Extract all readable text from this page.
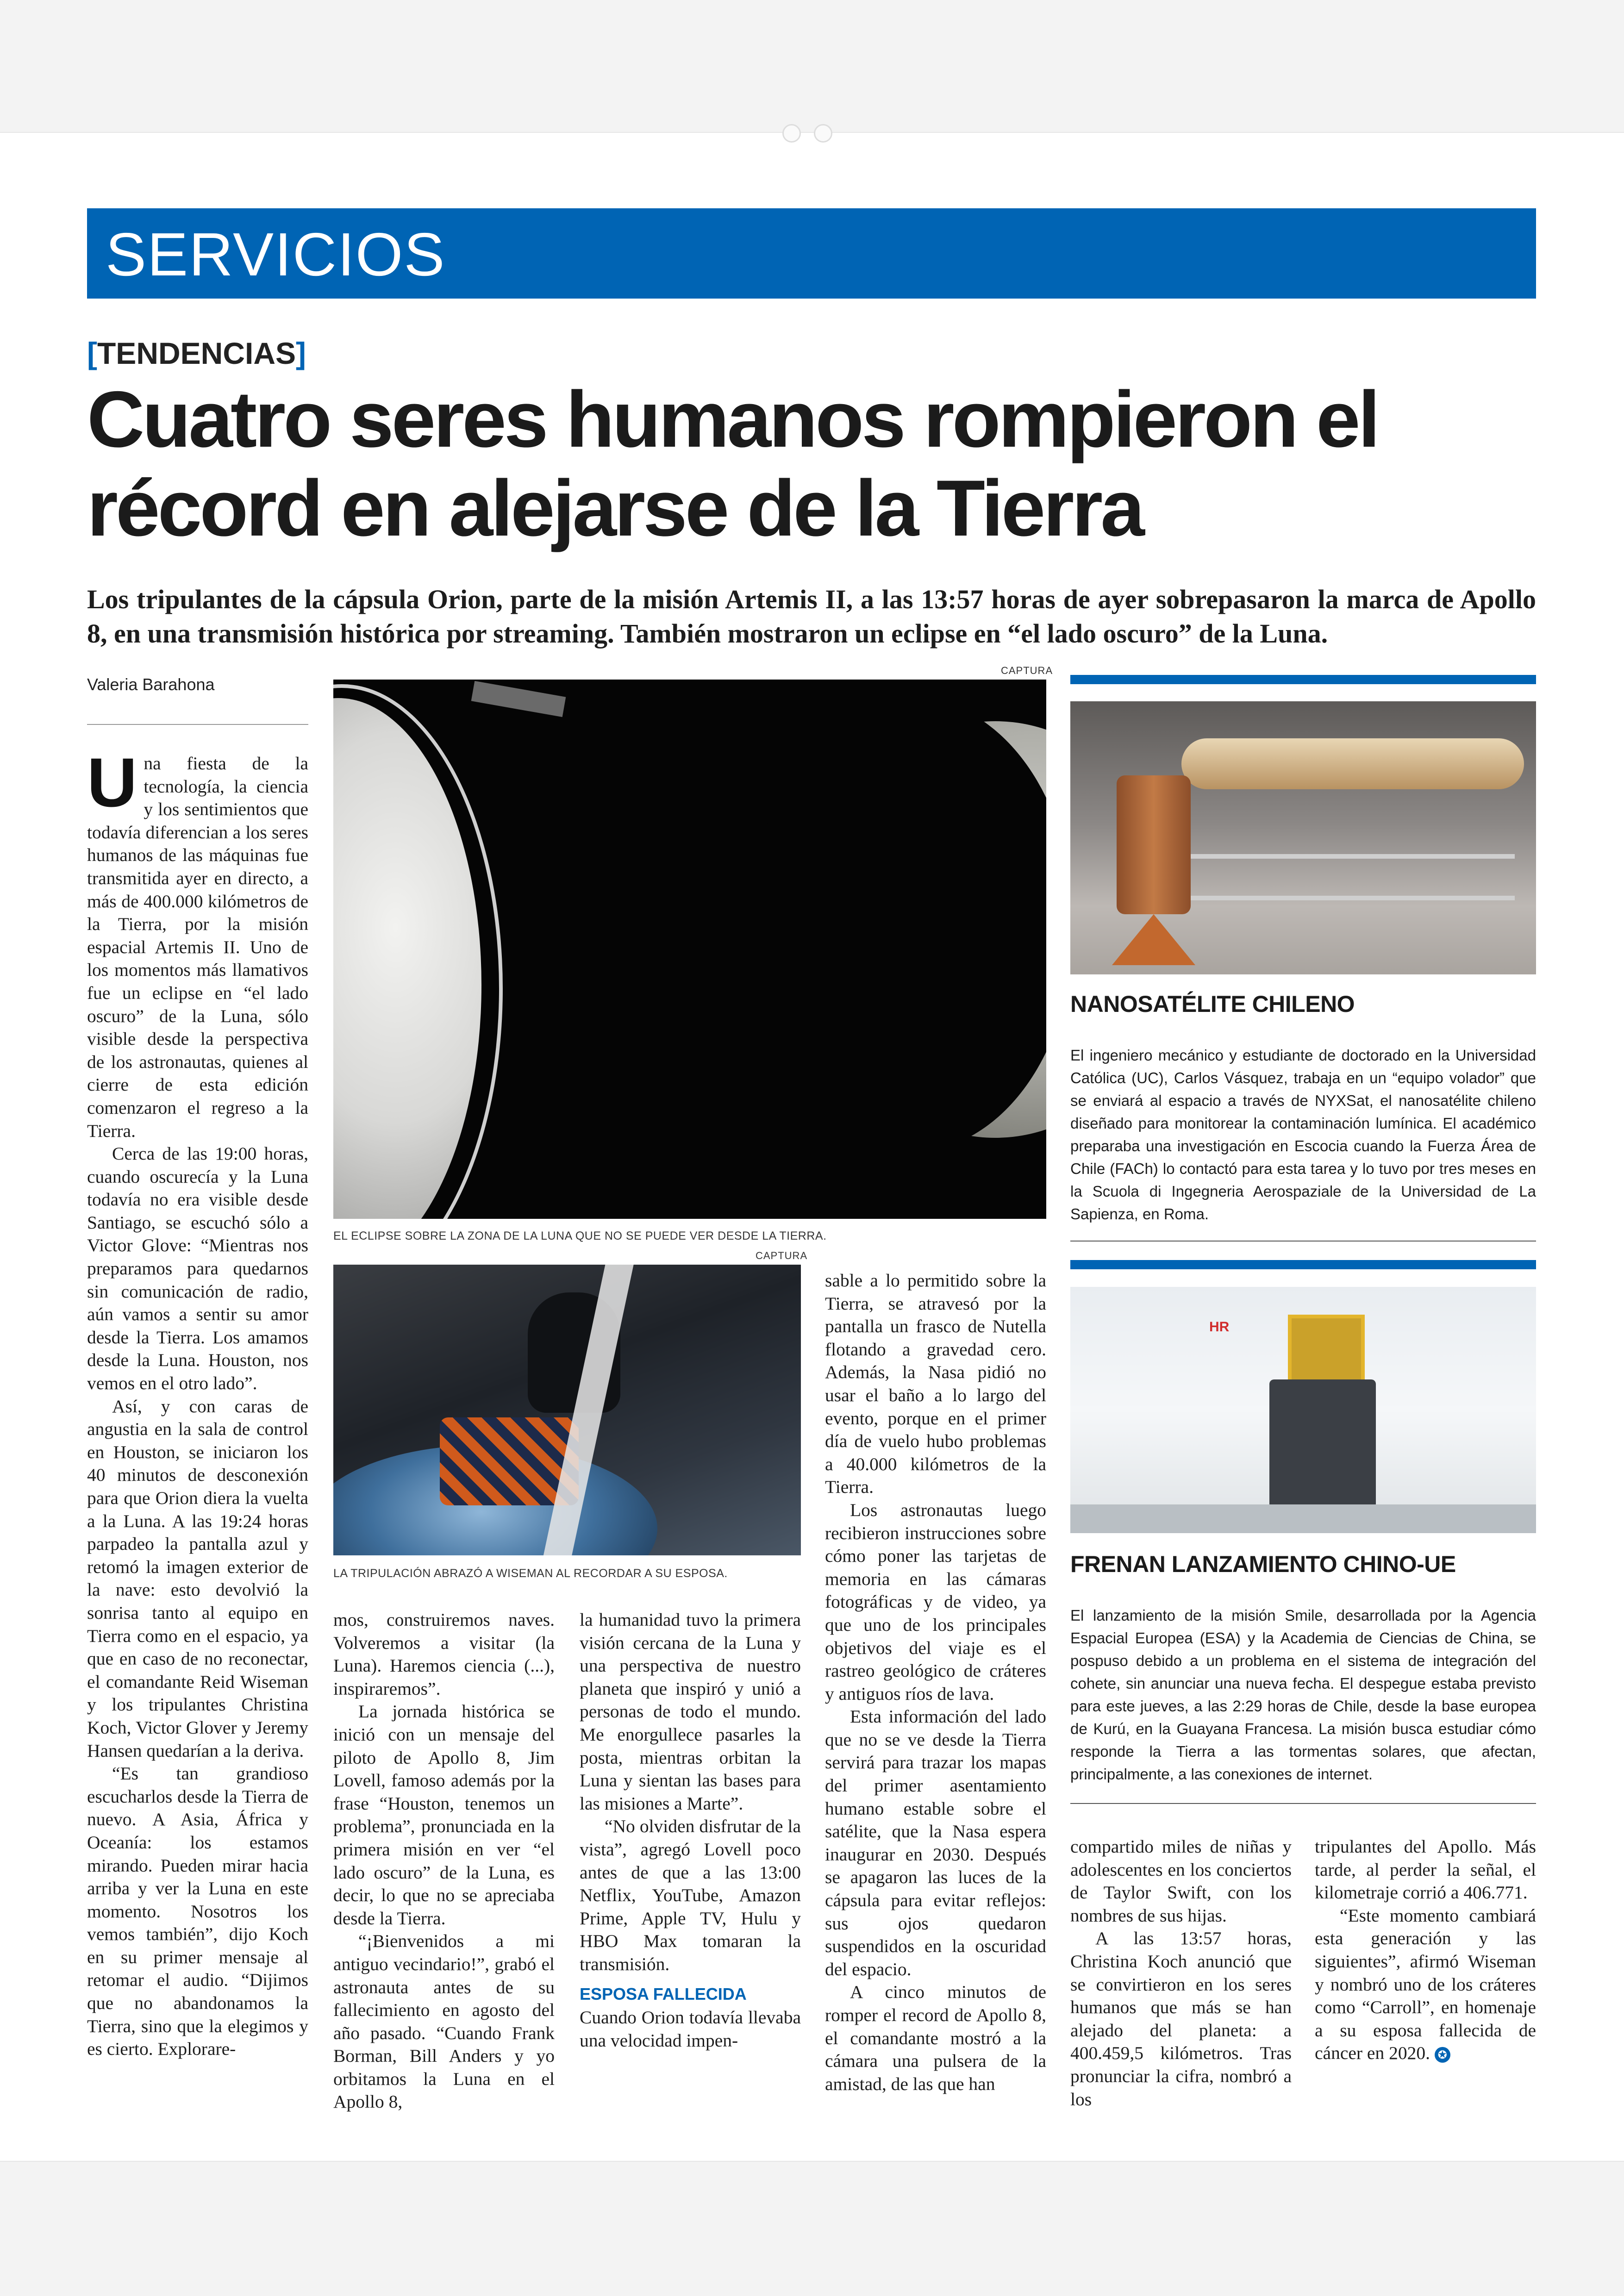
SERVICIOS
[TENDENCIAS]
Cuatro seres humanos rompieron el
récord en alejarse de la Tierra
Los tripulantes de la cápsula Orion, parte de la misión Artemis II, a las 13:57 horas de ayer sobrepasaron la marca de Apollo 8, en una transmisión histórica por streaming. También mostraron un eclipse en “el lado oscuro” de la Luna.
Valeria Barahona

Una fiesta de la tecnología, la ciencia y los sentimientos que todavía diferencian a los seres humanos de las máquinas fue transmitida ayer en directo, a más de 400.000 kilómetros de la Tierra, por la misión espacial Artemis II. Uno de los momentos más llamativos fue un eclipse en “el lado oscuro” de la Luna, sólo visible desde la perspectiva de los astronautas, quienes al cierre de esta edición comenzaron el regreso a la Tierra.

Cerca de las 19:00 horas, cuando oscurecía y la Luna todavía no era visible desde Santiago, se escuchó sólo a Victor Glove: “Mientras nos preparamos para quedarnos sin comunicación de radio, aún vamos a sentir su amor desde la Tierra. Los amamos desde la Luna. Houston, nos vemos en el otro lado”.

Así, y con caras de angustia en la sala de control en Houston, se iniciaron los 40 minutos de desconexión para que Orion diera la vuelta a la Luna. A las 19:24 horas parpadeo la pantalla azul y retomó la imagen exterior de la nave: esto devolvió la sonrisa tanto al equipo en Tierra como en el espacio, ya que en caso de no reconectar, el comandante Reid Wiseman y los tripulantes Christina Koch, Victor Glover y Jeremy Hansen quedarían a la deriva.

“Es tan grandioso escucharlos desde la Tierra de nuevo. A Asia, África y Oceanía: los estamos mirando. Pueden mirar hacia arriba y ver la Luna en este momento. Nosotros los vemos también”, dijo Koch en su primer mensaje al retomar el audio. “Dijimos que no abandonamos la Tierra, sino que la elegimos y es cierto. Explorare-

CAPTURA
EL ECLIPSE SOBRE LA ZONA DE LA LUNA QUE NO SE PUEDE VER DESDE LA TIERRA.
CAPTURA
LA TRIPULACIÓN ABRAZÓ A WISEMAN AL RECORDAR A SU ESPOSA.

mos, construiremos naves. Volveremos a visitar (la Luna). Haremos ciencia (...), inspiraremos”.

La jornada histórica se inició con un mensaje del piloto de Apollo 8, Jim Lovell, famoso además por la frase “Houston, tenemos un problema”, pronunciada en la primera misión en ver “el lado oscuro” de la Luna, es decir, lo que no se apreciaba desde la Tierra.

“¡Bienvenidos a mi antiguo vecindario!”, grabó el astronauta antes de su fallecimiento en agosto del año pasado. “Cuando Frank Borman, Bill Anders y yo orbitamos la Luna en el Apollo 8,

la humanidad tuvo la primera visión cercana de la Luna y una perspectiva de nuestro planeta que inspiró y unió a personas de todo el mundo. Me enorgullece pasarles la posta, mientras orbitan la Luna y sientan las bases para las misiones a Marte”.

“No olviden disfrutar de la vista”, agregó Lovell poco antes de que a las 13:00 Netflix, YouTube, Amazon Prime, Apple TV, Hulu y HBO Max tomaran la transmisión.

ESPOSA FALLECIDA

Cuando Orion todavía llevaba una velocidad impen-

sable a lo permitido sobre la Tierra, se atravesó por la pantalla un frasco de Nutella flotando a gravedad cero. Además, la Nasa pidió no usar el baño a lo largo del evento, porque en el primer día de vuelo hubo problemas a 40.000 kilómetros de la Tierra.

Los astronautas luego recibieron instrucciones sobre cómo poner las tarjetas de memoria en las cámaras fotográficas y de video, ya que uno de los principales objetivos del viaje es el rastreo geológico de cráteres y antiguos ríos de lava.

Esta información del lado que no se ve desde la Tierra servirá para trazar los mapas del primer asentamiento humano estable sobre el satélite, que la Nasa espera inaugurar en 2030. Después se apagaron las luces de la cápsula para evitar reflejos: sus ojos quedaron suspendidos en la oscuridad del espacio.

A cinco minutos de romper el record de Apollo 8, el comandante mostró a la cámara una pulsera de la amistad, de las que han

compartido miles de niñas y adolescentes en los conciertos de Taylor Swift, con los nombres de sus hijas.

A las 13:57 horas, Christina Koch anunció que se convirtieron en los seres humanos que más se han alejado del planeta: a 400.459,5 kilómetros. Tras pronunciar la cifra, nombró a los

tripulantes del Apollo. Más tarde, al perder la señal, el kilometraje corrió a 406.771.

“Este momento cambiará esta generación y las siguientes”, afirmó Wiseman y nombró uno de los cráteres como “Carroll”, en homenaje a su esposa fallecida de cáncer en 2020. ✪

NANOSATÉLITE CHILENO
El ingeniero mecánico y estudiante de doctorado en la Universidad Católica (UC), Carlos Vásquez, trabaja en un “equipo volador” que se enviará al espacio a través de NYXSat, el nanosatélite chileno diseñado para monitorear la contaminación lumínica. El académico preparaba una investigación en Escocia cuando la Fuerza Área de Chile (FACh) lo contactó para esta tarea y lo tuvo por tres meses en la Scuola di Ingegneria Aerospaziale de la Universidad de La Sapienza, en Roma.
HR
FRENAN LANZAMIENTO CHINO-UE
El lanzamiento de la misión Smile, desarrollada por la Agencia Espacial Europea (ESA) y la Academia de Ciencias de China, se pospuso debido a un problema en el sistema de integración del cohete, sin anunciar una nueva fecha. El despegue estaba previsto para este jueves, a las 2:29 horas de Chile, desde la base europea de Kurú, en la Guayana Francesa. La misión busca estudiar cómo responde la Tierra a las tormentas solares, que afectan, principalmente, a las conexiones de internet.
